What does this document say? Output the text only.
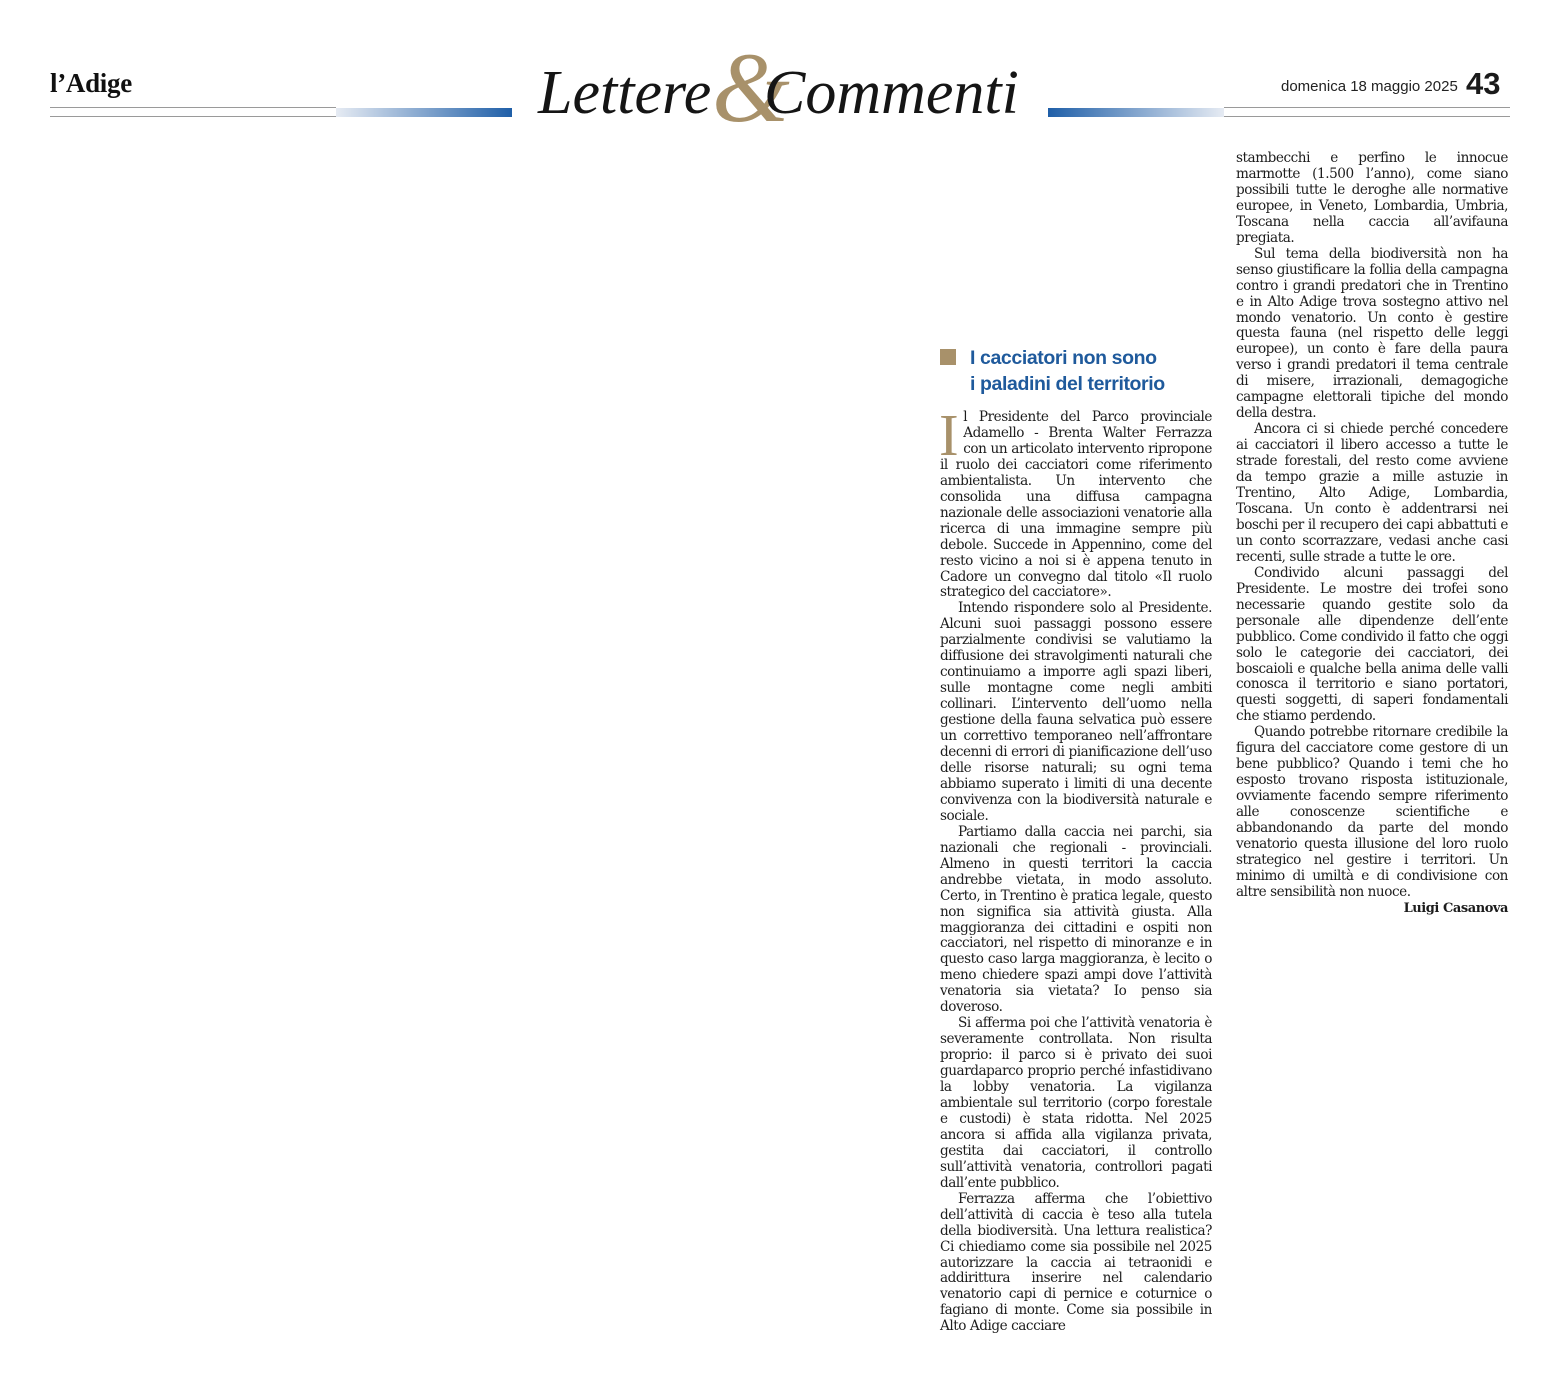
l’Adige	&
Lettere Commenti	domenica 18 maggio 2025 43
I cacciatori non sono
i paladini del territorio

Il Presidente del Parco provinciale Adamello - Brenta Walter Ferrazza con un articolato intervento ripropone il ruolo dei cacciatori come riferimento ambientalista. Un intervento che consolida una diffusa campagna nazionale delle associazioni venatorie alla ricerca di una immagine sempre più debole. Succede in Appennino, come del resto vicino a noi si è appena tenuto in Cadore un convegno dal titolo «Il ruolo strategico del cacciatore».

Intendo rispondere solo al Presidente. Alcuni suoi passaggi possono essere parzialmente condivisi se valutiamo la diffusione dei stravolgimenti naturali che continuiamo a imporre agli spazi liberi, sulle montagne come negli ambiti collinari. L’intervento dell’uomo nella gestione della fauna selvatica può essere un correttivo temporaneo nell’affrontare decenni di errori di pianificazione dell’uso delle risorse naturali; su ogni tema abbiamo superato i limiti di una decente convivenza con la biodiversità naturale e sociale.

Partiamo dalla caccia nei parchi, sia nazionali che regionali - provinciali. Almeno in questi territori la caccia andrebbe vietata, in modo assoluto. Certo, in Trentino è pratica legale, questo non significa sia attività giusta. Alla maggioranza dei cittadini e ospiti non cacciatori, nel rispetto di minoranze e in questo caso larga maggioranza, è lecito o meno chiedere spazi ampi dove l’attività venatoria sia vietata? Io penso sia doveroso.

Si afferma poi che l’attività venatoria è severamente controllata. Non risulta proprio: il parco si è privato dei suoi guardaparco proprio perché infastidivano la lobby venatoria. La vigilanza ambientale sul territorio (corpo forestale e custodi) è stata ridotta. Nel 2025 ancora si affida alla vigilanza privata, gestita dai cacciatori, il controllo sull’attività venatoria, controllori pagati dall’ente pubblico.

Ferrazza afferma che l’obiettivo dell’attività di caccia è teso alla tutela della biodiversità. Una lettura realistica? Ci chiediamo come sia possibile nel 2025 autorizzare la caccia ai tetraonidi e addirittura inserire nel calendario venatorio capi di pernice e coturnice o fagiano di monte. Come sia possibile in Alto Adige cacciare

stambecchi e perfino le innocue marmotte (1.500 l’anno), come siano possibili tutte le deroghe alle normative europee, in Veneto, Lombardia, Umbria, Toscana nella caccia all’avifauna pregiata.

Sul tema della biodiversità non ha senso giustificare la follia della campagna contro i grandi predatori che in Trentino e in Alto Adige trova sostegno attivo nel mondo venatorio. Un conto è gestire questa fauna (nel rispetto delle leggi europee), un conto è fare della paura verso i grandi predatori il tema centrale di misere, irrazionali, demagogiche campagne elettorali tipiche del mondo della destra.

Ancora ci si chiede perché concedere ai cacciatori il libero accesso a tutte le strade forestali, del resto come avviene da tempo grazie a mille astuzie in Trentino, Alto Adige, Lombardia, Toscana. Un conto è addentrarsi nei boschi per il recupero dei capi abbattuti e un conto scorrazzare, vedasi anche casi recenti, sulle strade a tutte le ore.

Condivido alcuni passaggi del Presidente. Le mostre dei trofei sono necessarie quando gestite solo da personale alle dipendenze dell’ente pubblico. Come condivido il fatto che oggi solo le categorie dei cacciatori, dei boscaioli e qualche bella anima delle valli conosca il territorio e siano portatori, questi soggetti, di saperi fondamentali che stiamo perdendo.

Quando potrebbe ritornare credibile la figura del cacciatore come gestore di un bene pubblico? Quando i temi che ho esposto trovano risposta istituzionale, ovviamente facendo sempre riferimento alle conoscenze scientifiche e abbandonando da parte del mondo venatorio questa illusione del loro ruolo strategico nel gestire i territori. Un minimo di umiltà e di condivisione con altre sensibilità non nuoce.

Luigi Casanova
